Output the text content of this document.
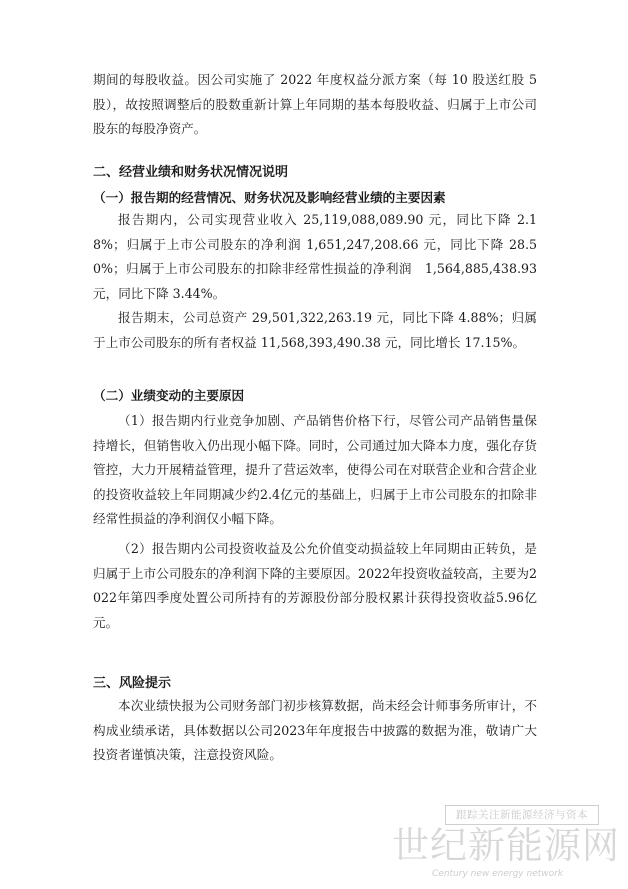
期间的每股收益。因公司实施了 2022 年度权益分派方案（每 10 股送红股 5 股），故按照调整后的股数重新计算上年同期的基本每股收益、归属于上市公司股东的每股净资产。

二、经营业绩和财务状况情况说明
（一）报告期的经营情况、财务状况及影响经营业绩的主要因素

报告期内，公司实现营业收入 25,119,088,089.90 元，同比下降 2.18%；归属于上市公司股东的净利润 1,651,247,208.66 元，同比下降 28.50%；归属于上市公司股东的扣除非经常性损益的净利润　1,564,885,438.93　元，同比下降 3.44%。

报告期末，公司总资产 29,501,322,263.19 元，同比下降 4.88%；归属于上市公司股东的所有者权益 11,568,393,490.38 元，同比增长 17.15%。

（二）业绩变动的主要原因

（1）报告期内行业竞争加剧、产品销售价格下行，尽管公司产品销售量保持增长，但销售收入仍出现小幅下降。同时，公司通过加大降本力度，强化存货管控，大力开展精益管理，提升了营运效率，使得公司在对联营企业和合营企业的投资收益较上年同期减少约2.4亿元的基础上，归属于上市公司股东的扣除非经常性损益的净利润仅小幅下降。

（2）报告期内公司投资收益及公允价值变动损益较上年同期由正转负，是归属于上市公司股东的净利润下降的主要原因。2022年投资收益较高，主要为2022年第四季度处置公司所持有的芳源股份部分股权累计获得投资收益5.96亿元。

三、风险提示

本次业绩快报为公司财务部门初步核算数据，尚未经会计师事务所审计，不构成业绩承诺，具体数据以公司2023年年度报告中披露的数据为准，敬请广大投资者谨慎决策，注意投资风险。

跟踪关注新能源经济与资本
世纪新能源网
Century new energy network
